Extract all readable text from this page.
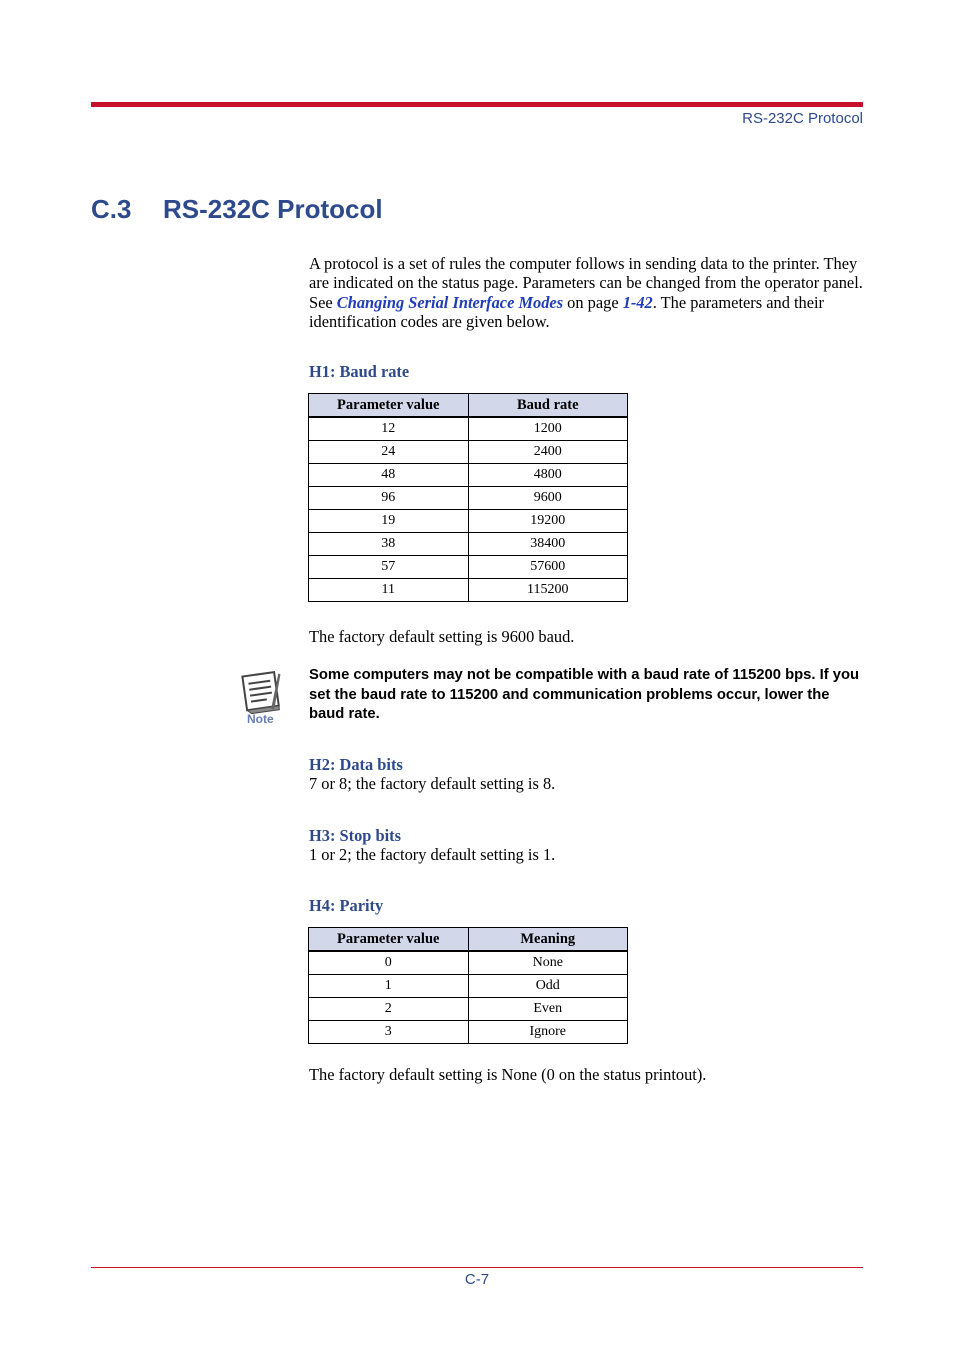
RS-232C Protocol
C.3 RS-232C Protocol
A protocol is a set of rules the computer follows in sending data to the printer. They are indicated on the status page. Parameters can be changed from the operator panel. See Changing Serial Interface Modes on page 1-42. The parameters and their identification codes are given below.
H1: Baud rate
Parameter value	Baud rate
12	1200
24	2400
48	4800
96	9600
19	19200
38	38400
57	57600
11	115200
The factory default setting is 9600 baud.
Note
Some computers may not be compatible with a baud rate of 115200 bps. If you set the baud rate to 115200 and communication problems occur, lower the baud rate.
H2: Data bits
7 or 8; the factory default setting is 8.
H3: Stop bits
1 or 2; the factory default setting is 1.
H4: Parity
Parameter value	Meaning
0	None
1	Odd
2	Even
3	Ignore
The factory default setting is None (0 on the status printout).
C-7
